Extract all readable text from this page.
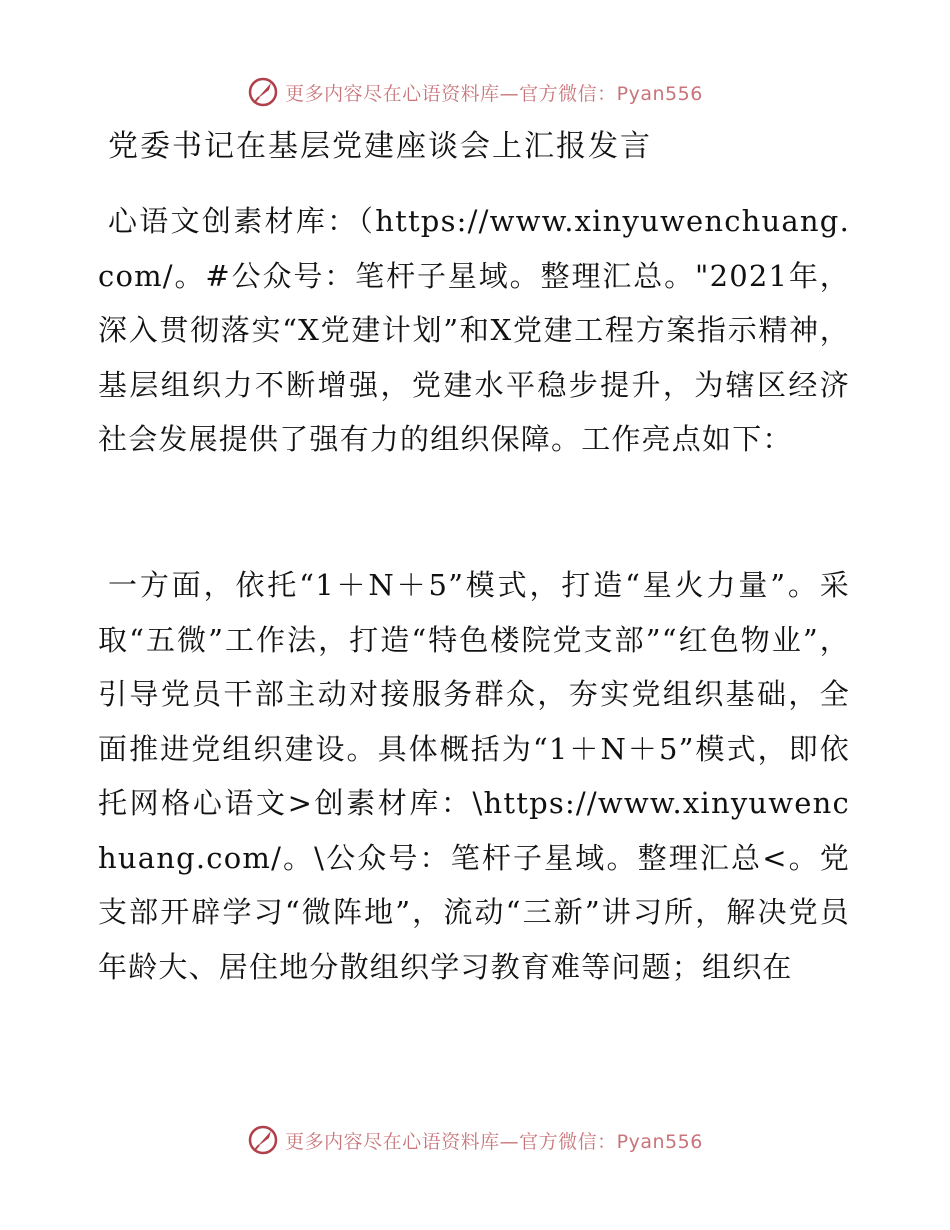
更多内容尽在心语资料库—官方微信：Pyan556
党委书记在基层党建座谈会上汇报发言
心语文创素材库：（https://www.xinyuwenchuang.com/。#公众号：笔杆子星域。整理汇总。"2021年，深入贯彻落实“X党建计划”和X党建工程方案指示精神，基层组织力不断增强，党建水平稳步提升，为辖区经济社会发展提供了强有力的组织保障。工作亮点如下：
一方面，依托“1＋N＋5”模式，打造“星火力量”。采取“五微”工作法，打造“特色楼院党支部”“红色物业”，引导党员干部主动对接服务群众，夯实党组织基础，全面推进党组织建设。具体概括为“1＋N＋5”模式，即依托网格心语文>创素材库：\https://www.xinyuwenchuang.com/。\公众号：笔杆子星域。整理汇总<。党支部开辟学习“微阵地”，流动“三新”讲习所，解决党员年龄大、居住地分散组织学习教育难等问题；组织在
更多内容尽在心语资料库—官方微信：Pyan556
